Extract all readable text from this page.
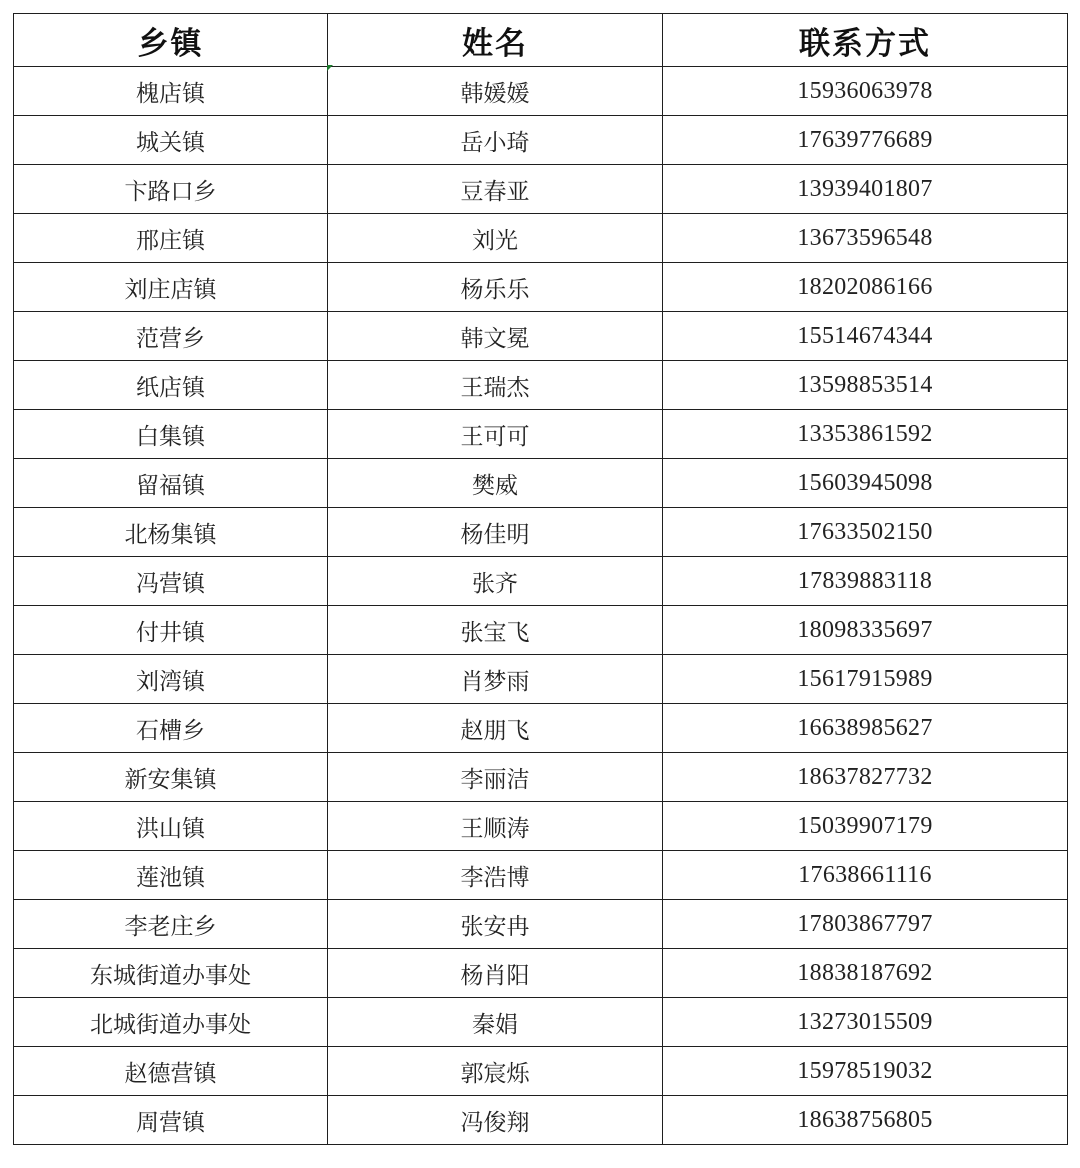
乡镇	姓名	联系方式
槐店镇	韩媛媛	15936063978
城关镇	岳小琦	17639776689
卞路口乡	豆春亚	13939401807
邢庄镇	刘光	13673596548
刘庄店镇	杨乐乐	18202086166
范营乡	韩文冕	15514674344
纸店镇	王瑞杰	13598853514
白集镇	王可可	13353861592
留福镇	樊威	15603945098
北杨集镇	杨佳明	17633502150
冯营镇	张齐	17839883118
付井镇	张宝飞	18098335697
刘湾镇	肖梦雨	15617915989
石槽乡	赵朋飞	16638985627
新安集镇	李丽洁	18637827732
洪山镇	王顺涛	15039907179
莲池镇	李浩博	17638661116
李老庄乡	张安冉	17803867797
东城街道办事处	杨肖阳	18838187692
北城街道办事处	秦娟	13273015509
赵德营镇	郭宸烁	15978519032
周营镇	冯俊翔	18638756805
